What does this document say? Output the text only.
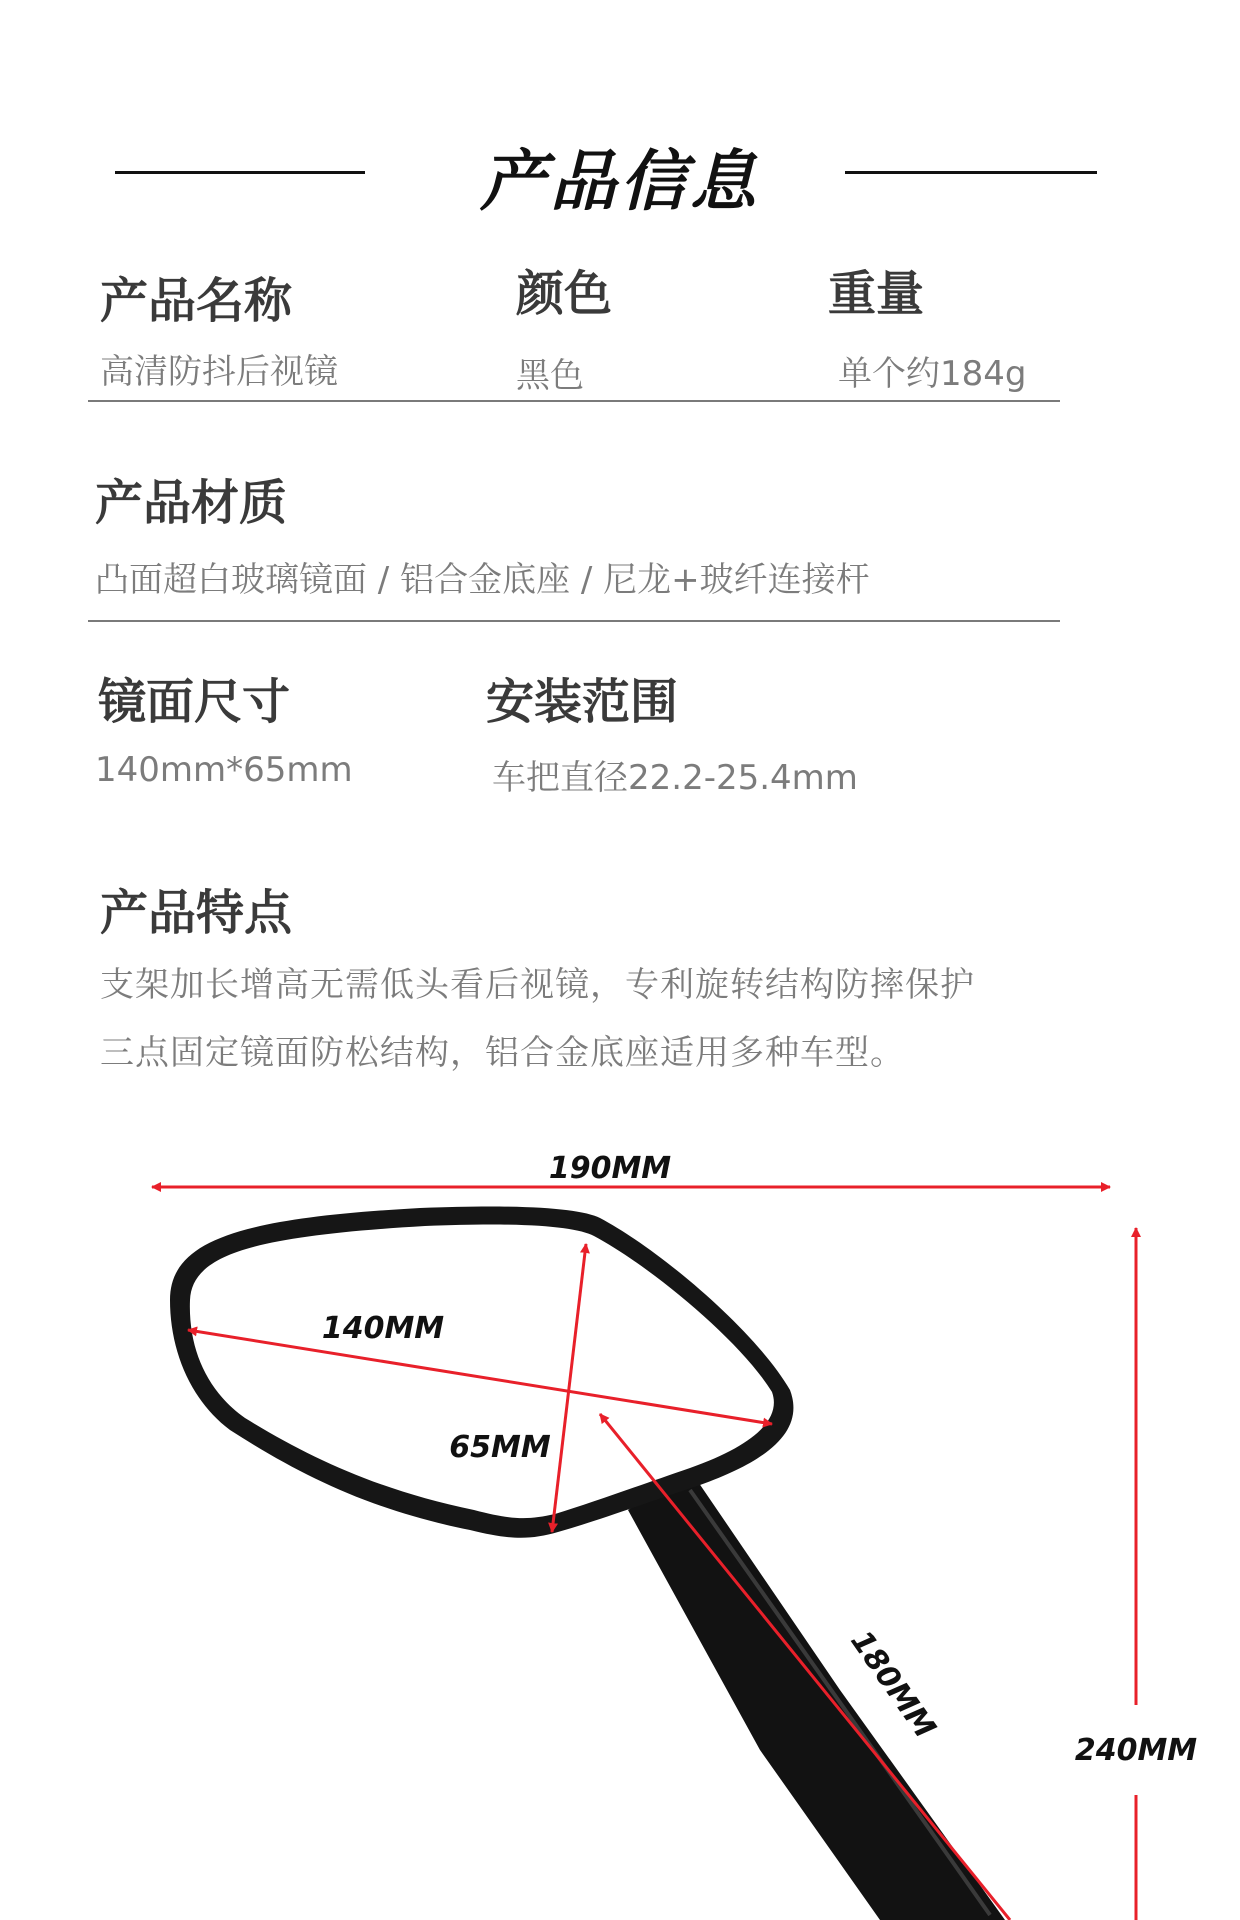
产品信息
产品名称
高清防抖后视镜
颜色
黑色
重量
单个约184g
产品材质
凸面超白玻璃镜面 / 铝合金底座 / 尼龙+玻纤连接杆
镜面尺寸
140mm*65mm
安装范围
车把直径22.2-25.4mm
产品特点
支架加长增高无需低头看后视镜，专利旋转结构防摔保护
三点固定镜面防松结构，铝合金底座适用多种车型。
190MM
140MM
65MM
180MM
240MM
